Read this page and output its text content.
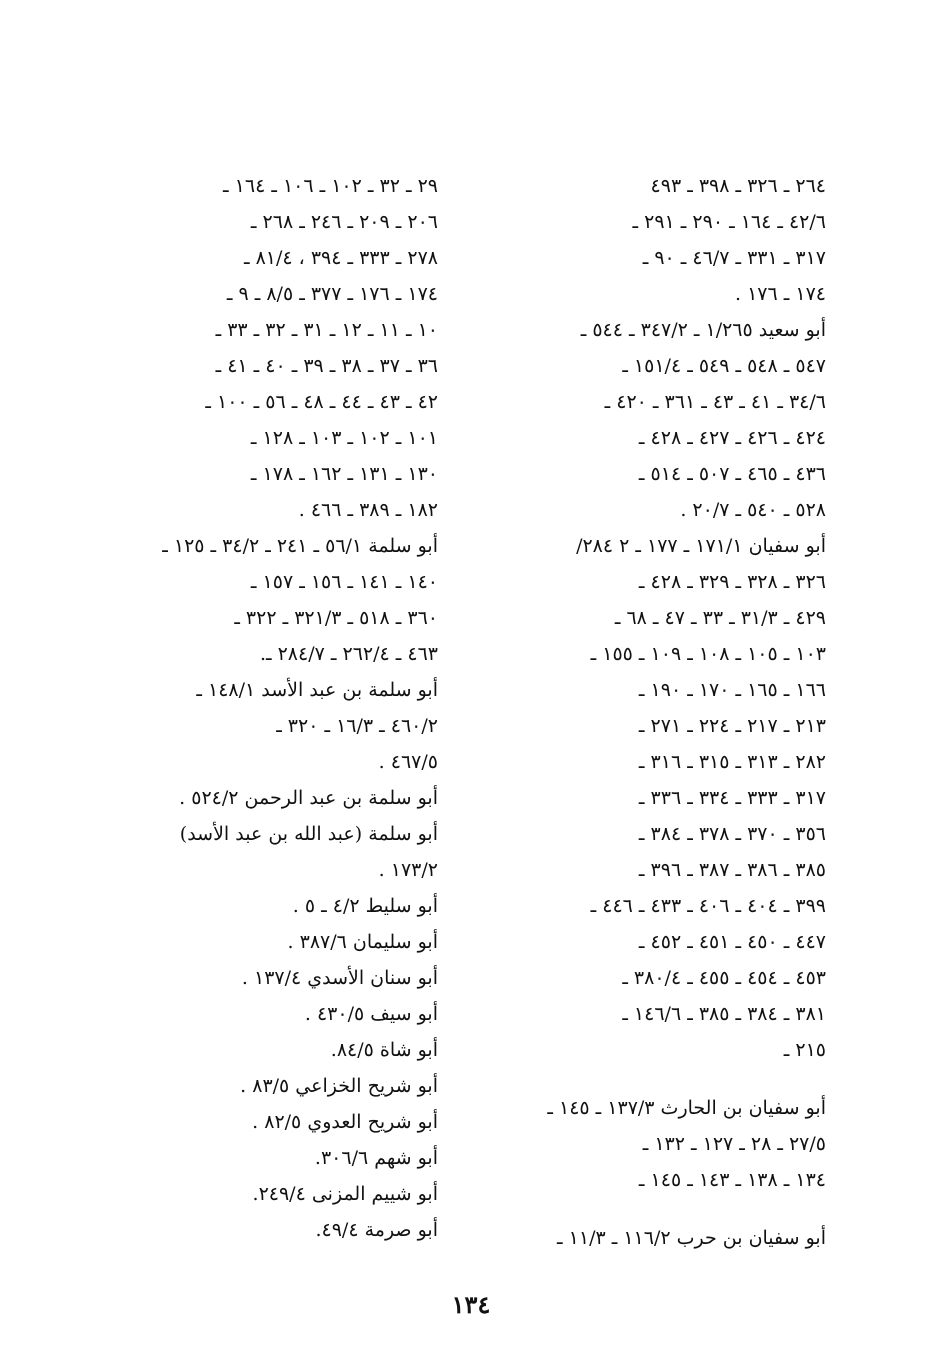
٢٦٤ ـ ٣٢٦ ـ ٣٩٨ ـ ٤٩٣
٤٢/٦ ـ ١٦٤ ـ ٢٩٠ ـ ٢٩١ ـ
٣١٧ ـ ٣٣١ ـ ٤٦/٧ ـ ٩٠ ـ
١٧٤ ـ ١٧٦ .
أبو سعيد ١/٢٦٥ ـ ٣٤٧/٢ ـ ٥٤٤ ـ
٥٤٧ ـ ٥٤٨ ـ ٥٤٩ ـ ١٥١/٤ ـ
٣٤/٦ ـ ٤١ ـ ٤٣ ـ ٣٦١ ـ ٤٢٠ ـ
٤٢٤ ـ ٤٢٦ ـ ٤٢٧ ـ ٤٢٨ ـ
٤٣٦ ـ ٤٦٥ ـ ٥٠٧ ـ ٥١٤ ـ
٥٢٨ ـ ٥٤٠ ـ ٢٠/٧ .
أبو سفيان ١٧١/١ ـ ١٧٧ ـ ٢ ٢٨٤/
٣٢٦ ـ ٣٢٨ ـ ٣٢٩ ـ ٤٢٨ ـ
٤٢٩ ـ ٣١/٣ ـ ٣٣ ـ ٤٧ ـ ٦٨ ـ
١٠٣ ـ ١٠٥ ـ ١٠٨ ـ ١٠٩ ـ ١٥٥ ـ
١٦٦ ـ ١٦٥ ـ ١٧٠ ـ ١٩٠ ـ
٢١٣ ـ ٢١٧ ـ ٢٢٤ ـ ٢٧١ ـ
٢٨٢ ـ ٣١٣ ـ ٣١٥ ـ ٣١٦ ـ
٣١٧ ـ ٣٣٣ ـ ٣٣٤ ـ ٣٣٦ ـ
٣٥٦ ـ ٣٧٠ ـ ٣٧٨ ـ ٣٨٤ ـ
٣٨٥ ـ ٣٨٦ ـ ٣٨٧ ـ ٣٩٦ ـ
٣٩٩ ـ ٤٠٤ ـ ٤٠٦ ـ ٤٣٣ ـ ٤٤٦ ـ
٤٤٧ ـ ٤٥٠ ـ ٤٥١ ـ ٤٥٢ ـ
٤٥٣ ـ ٤٥٤ ـ ٤٥٥ ـ ٣٨٠/٤ ـ
٣٨١ ـ ٣٨٤ ـ ٣٨٥ ـ ١٤٦/٦ ـ
٢١٥ ـ
أبو سفيان بن الحارث ١٣٧/٣ ـ ١٤٥ ـ
٢٧/٥ ـ ٢٨ ـ ١٢٧ ـ ١٣٢ ـ
١٣٤ ـ ١٣٨ ـ ١٤٣ ـ ١٤٥ ـ
أبو سفيان بن حرب ١١٦/٢ ـ ١١/٣ ـ
٢٩ ـ ٣٢ ـ ١٠٢ ـ ١٠٦ ـ ١٦٤ ـ
٢٠٦ ـ ٢٠٩ ـ ٢٤٦ ـ ٢٦٨ ـ
٢٧٨ ـ ٣٣٣ ـ ٣٩٤ ، ٨١/٤ ـ
١٧٤ ـ ١٧٦ ـ ٣٧٧ ـ ٨/٥ ـ ٩ ـ
١٠ ـ ١١ ـ ١٢ ـ ٣١ ـ ٣٢ ـ ٣٣ ـ
٣٦ ـ ٣٧ ـ ٣٨ ـ ٣٩ ـ ٤٠ ـ ٤١ ـ
٤٢ ـ ٤٣ ـ ٤٤ ـ ٤٨ ـ ٥٦ ـ ١٠٠ ـ
١٠١ ـ ١٠٢ ـ ١٠٣ ـ ١٢٨ ـ
١٣٠ ـ ١٣١ ـ ١٦٢ ـ ١٧٨ ـ
١٨٢ ـ ٣٨٩ ـ ٤٦٦ .
أبو سلمة ٥٦/١ ـ ٢٤١ ـ ٣٤/٢ ـ ١٢٥ ـ
١٤٠ ـ ١٤١ ـ ١٥٦ ـ ١٥٧ ـ
٣٦٠ ـ ٥١٨ ـ ٣٢١/٣ ـ ٣٢٢ ـ
٤٦٣ ـ ٢٦٢/٤ ـ ٢٨٤/٧ ـ.
أبو سلمة بن عبد الأسد ١٤٨/١ ـ
٤٦٠/٢ ـ ١٦/٣ ـ ٣٢٠ ـ
٤٦٧/٥ .
أبو سلمة بن عبد الرحمن ٥٢٤/٢ .
أبو سلمة (عبد الله بن عبد الأسد)
١٧٣/٢ .
أبو سليط ٤/٢ ـ ٥ .
أبو سليمان ٣٨٧/٦ .
أبو سنان الأسدي ١٣٧/٤ .
أبو سيف ٤٣٠/٥ .
أبو شاة ٨٤/٥.
أبو شريح الخزاعي ٨٣/٥ .
أبو شريح العدوي ٨٢/٥ .
أبو شهم ٣٠٦/٦.
أبو شييم المزنى ٢٤٩/٤.
أبو صرمة ٤٩/٤.
١٣٤
